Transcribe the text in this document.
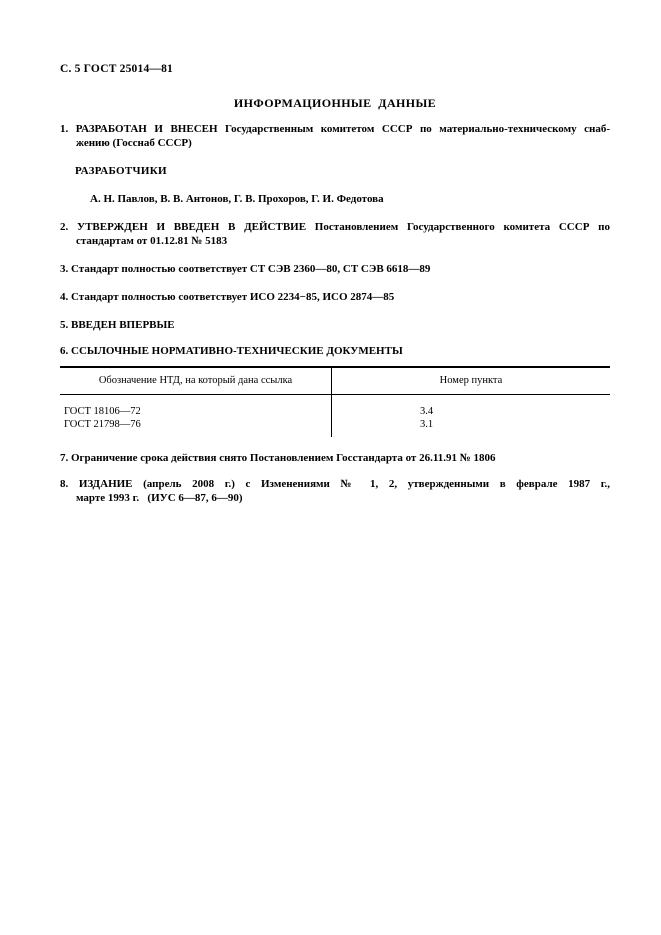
С. 5 ГОСТ 25014—81
ИНФОРМАЦИОННЫЕ  ДАННЫЕ
1. РАЗРАБОТАН И ВНЕСЕН Государственным комитетом СССР по материально-техническому снаб-
жению (Госснаб СССР)
РАЗРАБОТЧИКИ
А. Н. Павлов, В. В. Антонов, Г. В. Прохоров, Г. И. Федотова
2. УТВЕРЖДЕН И ВВЕДЕН В ДЕЙСТВИЕ Постановлением Государственного комитета СССР по
стандартам от 01.12.81 № 5183
3. Стандарт полностью соответствует СТ СЭВ 2360—80, СТ СЭВ 6618—89
4. Стандарт полностью соответствует ИСО 2234−85, ИСО 2874—85
5. ВВЕДЕН ВПЕРВЫЕ
6. ССЫЛОЧНЫЕ НОРМАТИВНО-ТЕХНИЧЕСКИЕ ДОКУМЕНТЫ
Обозначение НТД, на который дана ссылка	Номер пункта
ГОСТ 18106—72
ГОСТ 21798—76
3.4
3.1
7. Ограничение срока действия снято Постановлением Госстандарта от 26.11.91 № 1806
8. ИЗДАНИЕ (апрель 2008 г.) с Изменениями № 1, 2, утвержденными в феврале 1987 г.,
марте 1993 г.   (ИУС 6—87, 6—90)
